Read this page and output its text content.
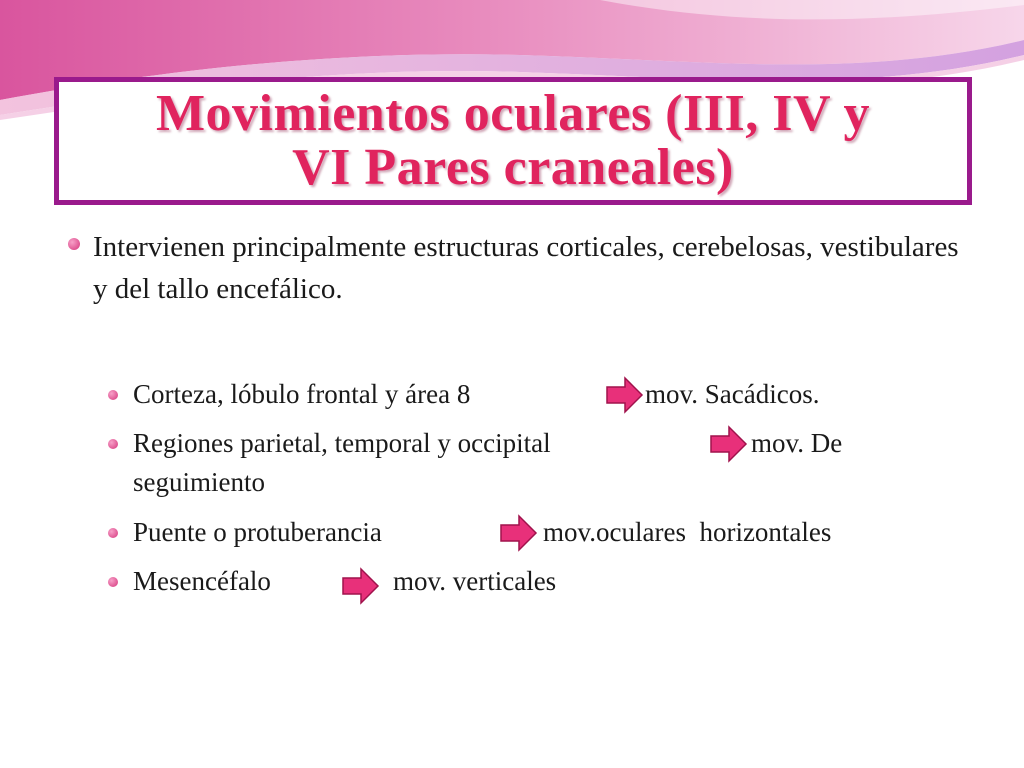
Movimientos oculares (III, IV y
VI Pares craneales)
Intervienen principalmente estructuras corticales, cerebelosas, vestibulares y del tallo encefálico.
Corteza, lóbulo frontal y área 8	mov. Sacádicos.
Regiones parietal, temporal y occipital	mov. De
seguimiento
Puente o protuberancia	mov.oculares  horizontales
Mesencéfalo	mov. verticales
